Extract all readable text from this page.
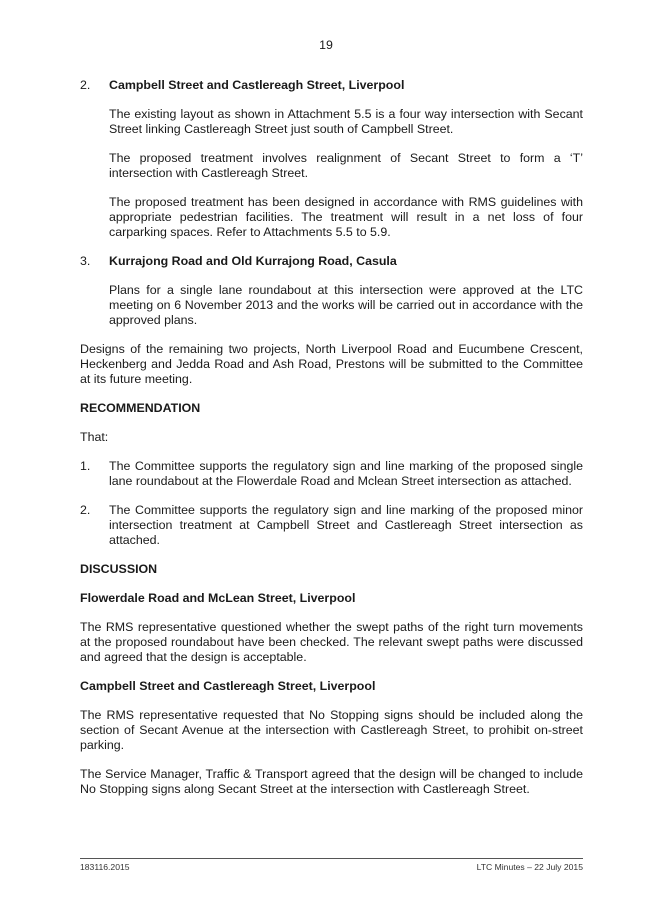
19
2.	Campbell Street and Castlereagh Street, Liverpool

The existing layout as shown in Attachment 5.5 is a four way intersection with Secant Street linking Castlereagh Street just south of Campbell Street.

The proposed treatment involves realignment of Secant Street to form a ‘T’ intersection with Castlereagh Street.

The proposed treatment has been designed in accordance with RMS guidelines with appropriate pedestrian facilities. The treatment will result in a net loss of four carparking spaces. Refer to Attachments 5.5 to 5.9.

3.	Kurrajong Road and Old Kurrajong Road, Casula

Plans for a single lane roundabout at this intersection were approved at the LTC meeting on 6 November 2013 and the works will be carried out in accordance with the approved plans.

Designs of the remaining two projects, North Liverpool Road and Eucumbene Crescent, Heckenberg and Jedda Road and Ash Road, Prestons will be submitted to the Committee at its future meeting.

RECOMMENDATION

That:

1.	The Committee supports the regulatory sign and line marking of the proposed single lane roundabout at the Flowerdale Road and Mclean Street intersection as attached.
2.	The Committee supports the regulatory sign and line marking of the proposed minor intersection treatment at Campbell Street and Castlereagh Street intersection as attached.
DISCUSSION
Flowerdale Road and McLean Street, Liverpool

The RMS representative questioned whether the swept paths of the right turn movements at the proposed roundabout have been checked. The relevant swept paths were discussed and agreed that the design is acceptable.

Campbell Street and Castlereagh Street, Liverpool

The RMS representative requested that No Stopping signs should be included along the section of Secant Avenue at the intersection with Castlereagh Street, to prohibit on-street parking.

The Service Manager, Traffic & Transport agreed that the design will be changed to include No Stopping signs along Secant Street at the intersection with Castlereagh Street.

183116.2015	LTC Minutes – 22 July 2015
